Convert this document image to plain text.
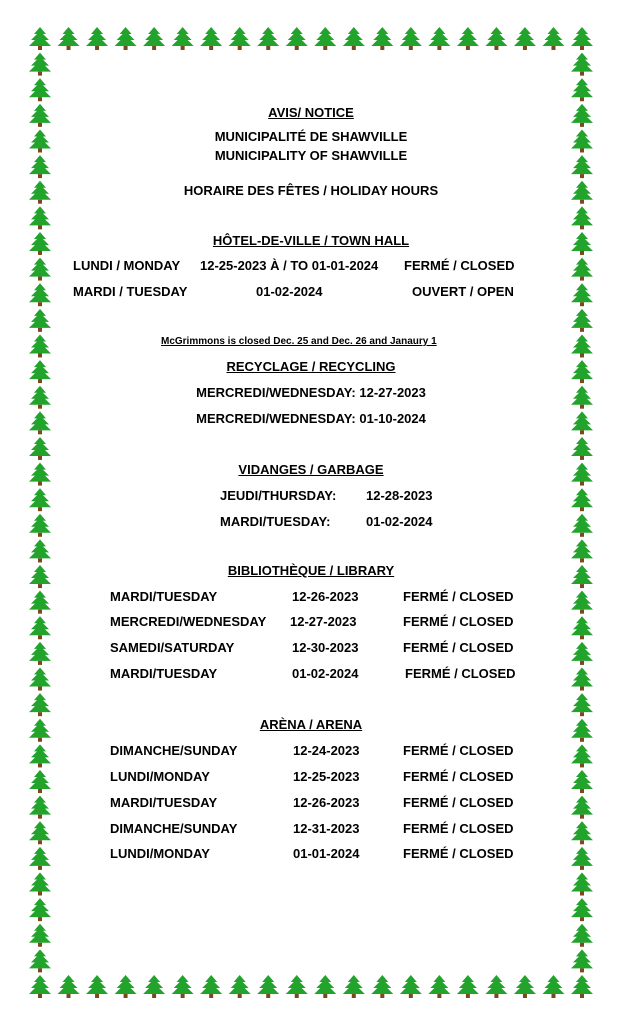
AVIS/ NOTICE
MUNICIPALITÉ DE SHAWVILLE
MUNICIPALITY OF SHAWVILLE
HORAIRE DES FÊTES / HOLIDAY HOURS
HÔTEL-DE-VILLE / TOWN HALL
LUNDI / MONDAY 12-25-2023 À / TO 01-01-2024 FERMÉ / CLOSED
MARDI / TUESDAY	01-02-2024	OUVERT / OPEN
McGrimmons is closed Dec. 25 and Dec. 26 and Janaury 1
RECYCLAGE / RECYCLING
MERCREDI/WEDNESDAY: 12-27-2023
MERCREDI/WEDNESDAY: 01-10-2024
VIDANGES / GARBAGE
JEUDI/THURSDAY: 12-28-2023
MARDI/TUESDAY:	01-02-2024
BIBLIOTHÈQUE / LIBRARY
MARDI/TUESDAY	12-26-2023	FERMÉ / CLOSED
MERCREDI/WEDNESDAY 12-27-2023	FERMÉ / CLOSED
SAMEDI/SATURDAY	12-30-2023	FERMÉ / CLOSED
MARDI/TUESDAY	01-02-2024	FERMÉ / CLOSED
ARÈNA / ARENA
DIMANCHE/SUNDAY	12-24-2023	FERMÉ / CLOSED
LUNDI/MONDAY	12-25-2023	FERMÉ / CLOSED
MARDI/TUESDAY	12-26-2023	FERMÉ / CLOSED
DIMANCHE/SUNDAY	12-31-2023	FERMÉ / CLOSED
LUNDI/MONDAY	01-01-2024	FERMÉ / CLOSED
